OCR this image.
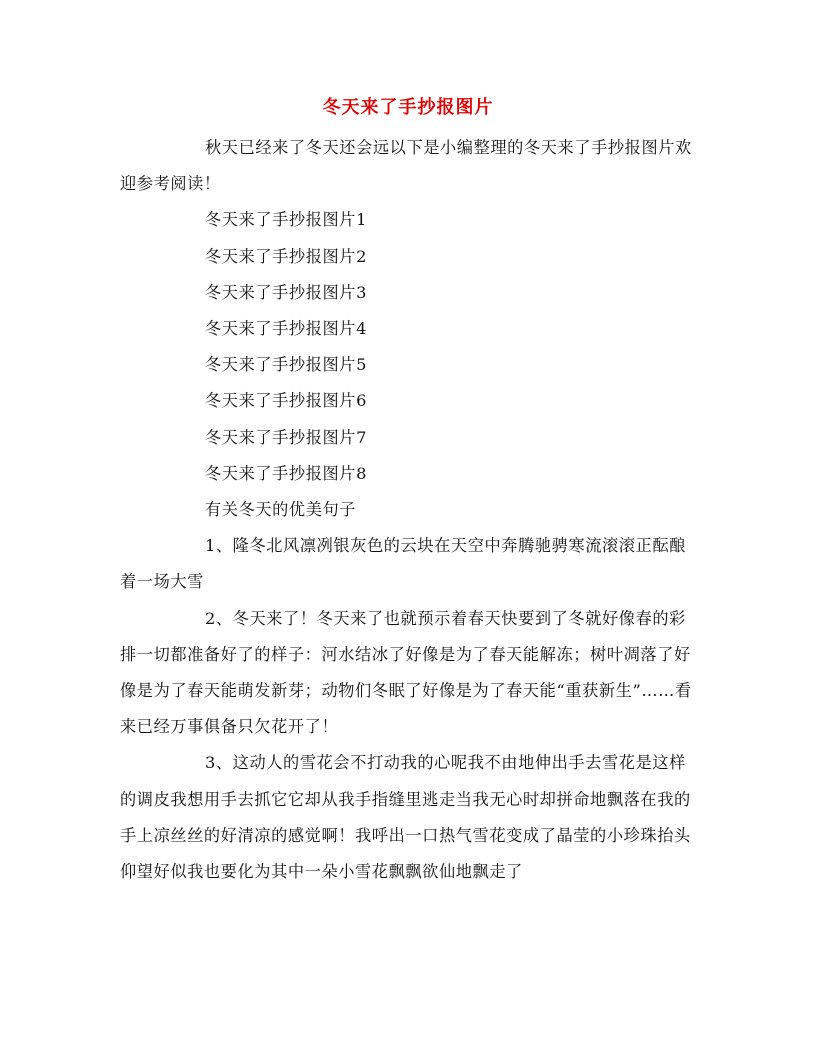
冬天来了手抄报图片

秋天已经来了冬天还会远以下是小编整理的冬天来了手抄报图片欢迎参考阅读！

冬天来了手抄报图片1

冬天来了手抄报图片2

冬天来了手抄报图片3

冬天来了手抄报图片4

冬天来了手抄报图片5

冬天来了手抄报图片6

冬天来了手抄报图片7

冬天来了手抄报图片8

有关冬天的优美句子

1、隆冬北风凛冽银灰色的云块在天空中奔腾驰骋寒流滚滚正酝酿着一场大雪

2、冬天来了！冬天来了也就预示着春天快要到了冬就好像春的彩排一切都准备好了的样子：河水结冰了好像是为了春天能解冻；树叶凋落了好像是为了春天能萌发新芽；动物们冬眠了好像是为了春天能“重获新生”……看来已经万事俱备只欠花开了！

3、这动人的雪花会不打动我的心呢我不由地伸出手去雪花是这样的调皮我想用手去抓它它却从我手指缝里逃走当我无心时却拼命地飘落在我的手上凉丝丝的好清凉的感觉啊！我呼出一口热气雪花变成了晶莹的小珍珠抬头仰望好似我也要化为其中一朵小雪花飘飘欲仙地飘走了
